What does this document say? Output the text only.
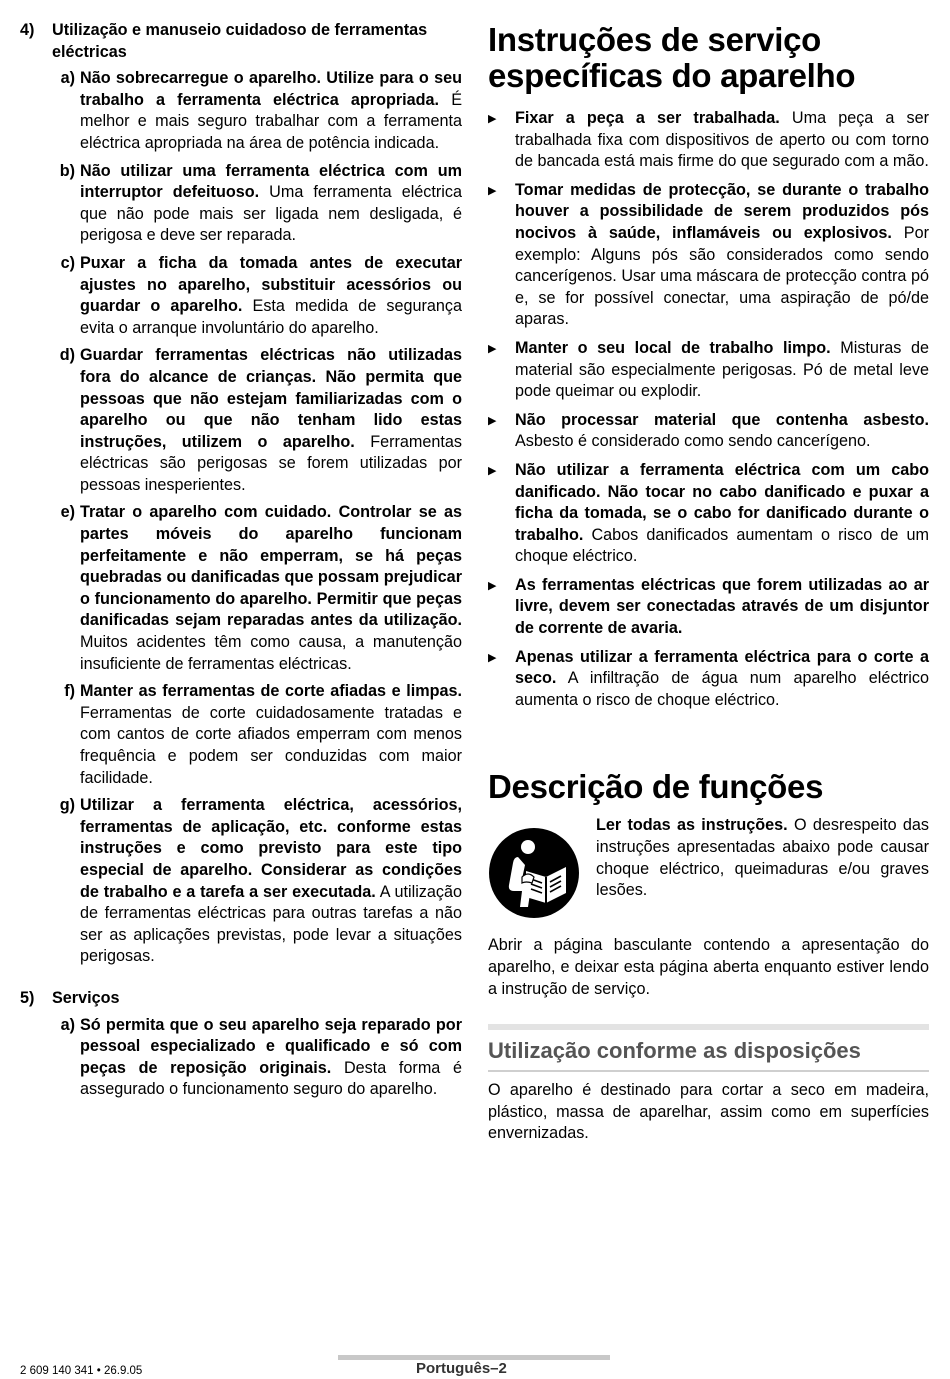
4)	Utilização e manuseio cuidadoso de ferramentas eléctricas
a) Não sobrecarregue o aparelho. Utilize para o seu trabalho a ferramenta eléctrica apropriada. É melhor e mais seguro trabalhar com a ferramenta eléctrica apropriada na área de potência indicada.

b) Não utilizar uma ferramenta eléctrica com um interruptor defeituoso. Uma ferramenta eléctrica que não pode mais ser ligada nem desligada, é perigosa e deve ser reparada.

c) Puxar a ficha da tomada antes de executar ajustes no aparelho, substituir acessórios ou guardar o aparelho. Esta medida de segurança evita o arranque involuntário do aparelho.

d) Guardar ferramentas eléctricas não utilizadas fora do alcance de crianças. Não permita que pessoas que não estejam familiarizadas com o aparelho ou que não tenham lido estas instruções, utilizem o aparelho. Ferramentas eléctricas são perigosas se forem utilizadas por pessoas inesperientes.

e) Tratar o aparelho com cuidado. Controlar se as partes móveis do aparelho funcionam perfeitamente e não emperram, se há peças quebradas ou danificadas que possam prejudicar o funcionamento do aparelho. Permitir que peças danificadas sejam reparadas antes da utilização. Muitos acidentes têm como causa, a manutenção insuficiente de ferramentas eléctricas.

f) Manter as ferramentas de corte afiadas e limpas. Ferramentas de corte cuidadosamente tratadas e com cantos de corte afiados emperram com menos frequência e podem ser conduzidas com maior facilidade.

g) Utilizar a ferramenta eléctrica, acessórios, ferramentas de aplicação, etc. conforme estas instruções e como previsto para este tipo especial de aparelho. Considerar as condições de trabalho e a tarefa a ser executada. A utilização de ferramentas eléctricas para outras tarefas a não ser as aplicações previstas, pode levar a situações perigosas.

5)	Serviços
a) Só permita que o seu aparelho seja reparado por pessoal especializado e qualificado e só com peças de reposição originais. Desta forma é assegurado o funcionamento seguro do aparelho.

Instruções de serviço específicas do aparelho
▶	Fixar a peça a ser trabalhada. Uma peça a ser trabalhada fixa com dispositivos de aperto ou com torno de bancada está mais firme do que segurado com a mão.

▶	Tomar medidas de protecção, se durante o trabalho houver a possibilidade de serem produzidos pós nocivos à saúde, inflamáveis ou explosivos. Por exemplo: Alguns pós são considerados como sendo cancerígenos. Usar uma máscara de protecção contra pó e, se for possível conectar, uma aspiração de pó/de aparas.

▶	Manter o seu local de trabalho limpo. Misturas de material são especialmente perigosas. Pó de metal leve pode queimar ou explodir.

▶	Não processar material que contenha asbesto. Asbesto é considerado como sendo cancerígeno.

▶	Não utilizar a ferramenta eléctrica com um cabo danificado. Não tocar no cabo danificado e puxar a ficha da tomada, se o cabo for danificado durante o trabalho. Cabos danificados aumentam o risco de um choque eléctrico.

▶	As ferramentas eléctricas que forem utilizadas ao ar livre, devem ser conectadas através de um disjuntor de corrente de avaria.

▶	Apenas utilizar a ferramenta eléctrica para o corte a seco. A infiltração de água num aparelho eléctrico aumenta o risco de choque eléctrico.

Descrição de funções

Ler todas as instruções. O desrespeito das instruções apresentadas abaixo pode causar choque eléctrico, queimaduras e/ou graves lesões.

Abrir a página basculante contendo a apresentação do aparelho, e deixar esta página aberta enquanto estiver lendo a instrução de serviço.

Utilização conforme as disposições

O aparelho é destinado para cortar a seco em madeira, plástico, massa de aparelhar, assim como em superfícies envernizadas.

2 609 140 341 • 26.9.05	Português–2
